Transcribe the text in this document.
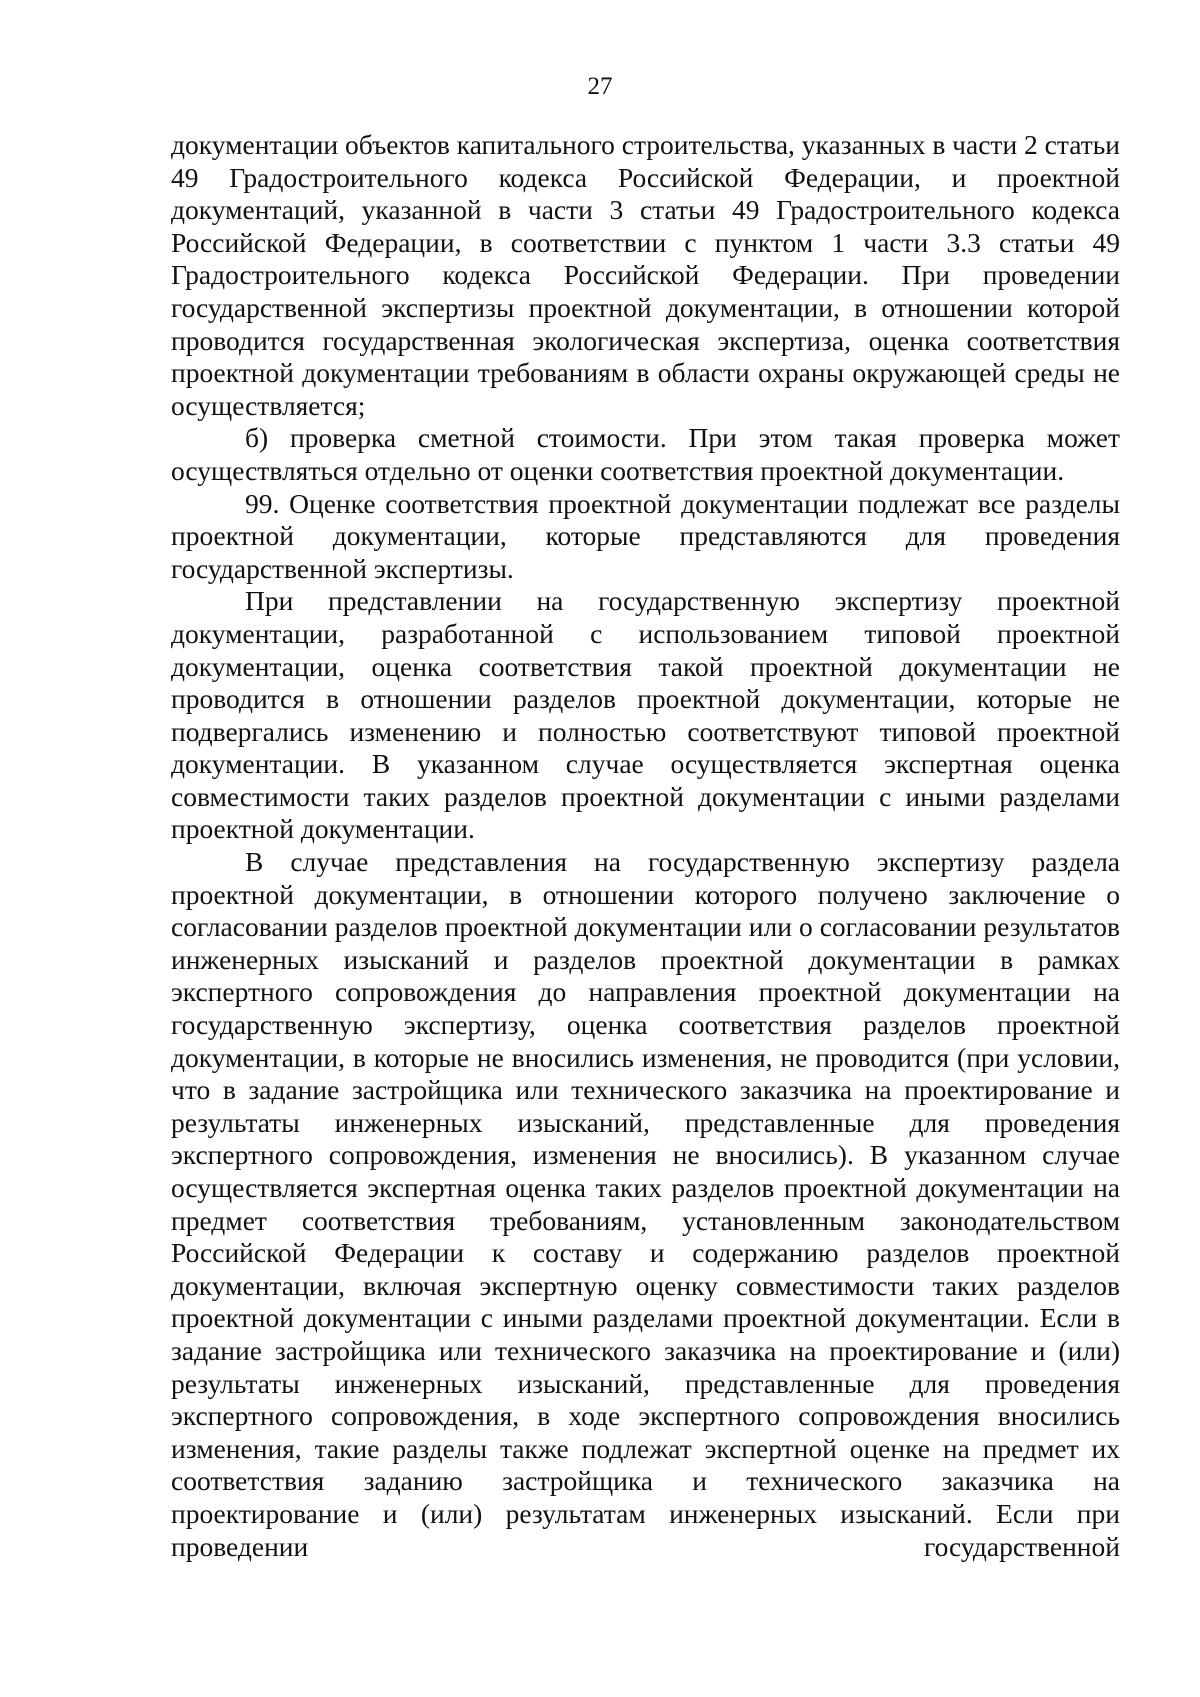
27

документации объектов капитального строительства, указанных в части 2 статьи 49 Градостроительного кодекса Российской Федерации, и проектной документаций, указанной в части 3 статьи 49 Градостроительного кодекса Российской Федерации, в соответствии с пунктом 1 части 3.3 статьи 49 Градостроительного кодекса Российской Федерации. При проведении государственной экспертизы проектной документации, в отношении которой проводится государственная экологическая экспертиза, оценка соответствия проектной документации требованиям в области охраны окружающей среды не осуществляется;

б) проверка сметной стоимости. При этом такая проверка может осуществляться отдельно от оценки соответствия проектной документации.

99. Оценке соответствия проектной документации подлежат все разделы проектной документации, которые представляются для проведения государственной экспертизы.

При представлении на государственную экспертизу проектной документации, разработанной с использованием типовой проектной документации, оценка соответствия такой проектной документации не проводится в отношении разделов проектной документации, которые не подвергались изменению и полностью соответствуют типовой проектной документации. В указанном случае осуществляется экспертная оценка совместимости таких разделов проектной документации с иными разделами проектной документации.

В случае представления на государственную экспертизу раздела проектной документации, в отношении которого получено заключение о согласовании разделов проектной документации или о согласовании результатов инженерных изысканий и разделов проектной документации в рамках экспертного сопровождения до направления проектной документации на государственную экспертизу, оценка соответствия разделов проектной документации, в которые не вносились изменения, не проводится (при условии, что в задание застройщика или технического заказчика на проектирование и результаты инженерных изысканий, представленные для проведения экспертного сопровождения, изменения не вносились). В указанном случае осуществляется экспертная оценка таких разделов проектной документации на предмет соответствия требованиям, установленным законодательством Российской Федерации к составу и содержанию разделов проектной документации, включая экспертную оценку совместимости таких разделов проектной документации с иными разделами проектной документации. Если в задание застройщика или технического заказчика на проектирование и (или) результаты инженерных изысканий, представленные для проведения экспертного сопровождения, в ходе экспертного сопровождения вносились изменения, такие разделы также подлежат экспертной оценке на предмет их соответствия заданию застройщика и технического заказчика на проектирование и (или) результатам инженерных изысканий. Если при проведении государственной
